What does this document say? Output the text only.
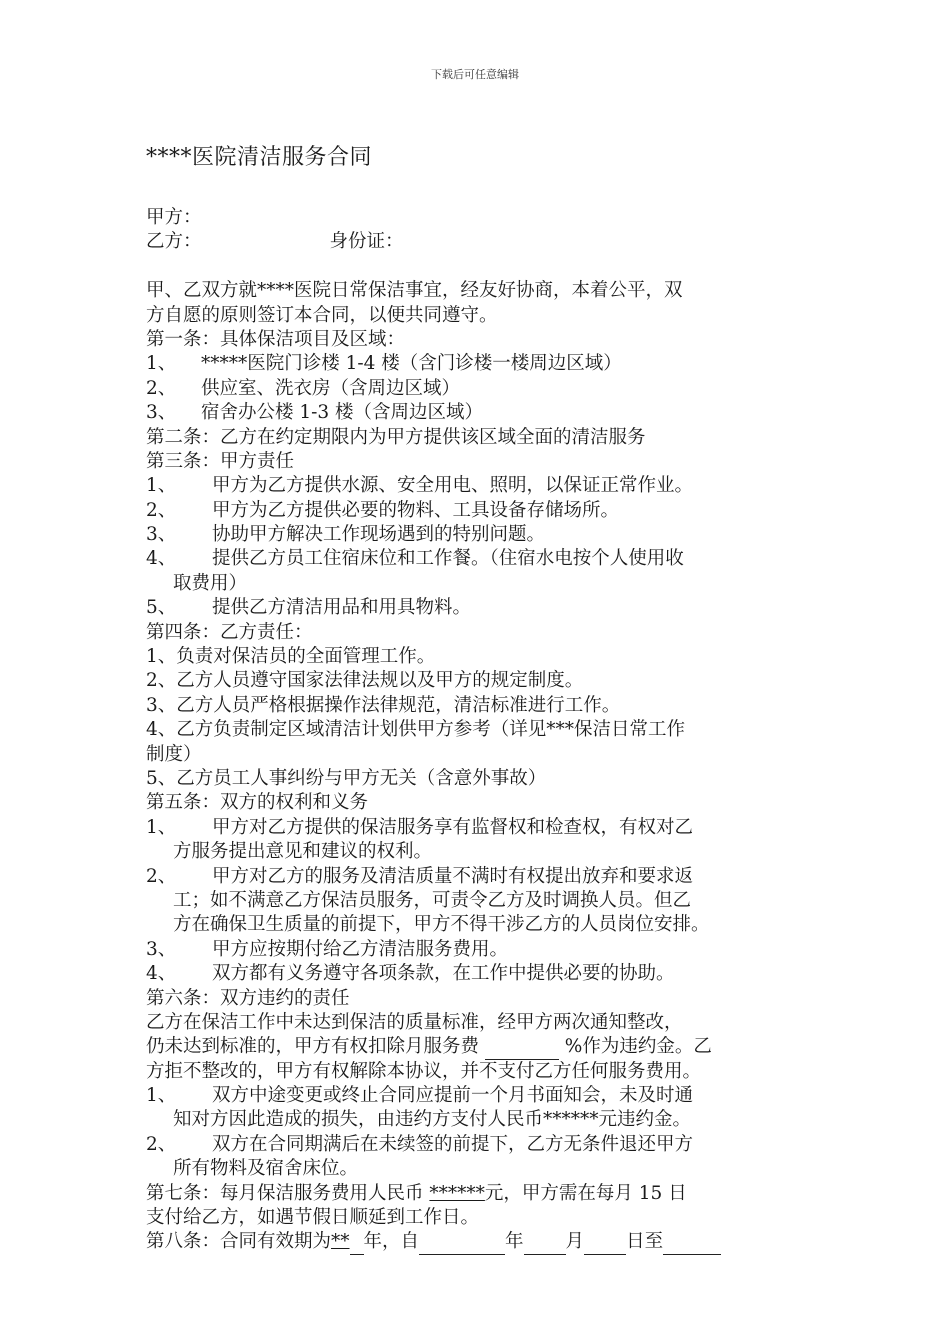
下载后可任意编辑
****医院清洁服务合同
甲方：
乙方：	身份证：
甲、乙双方就****医院日常保洁事宜，经友好协商，本着公平，双
方自愿的原则签订本合同，以便共同遵守。
第一条：具体保洁项目及区域：
1、 *****医院门诊楼 1-4 楼（含门诊楼一楼周边区域）
2、 供应室、洗衣房（含周边区域）
3、 宿舍办公楼 1-3 楼（含周边区域）
第二条：乙方在约定期限内为甲方提供该区域全面的清洁服务
第三条：甲方责任
1、 甲方为乙方提供水源、安全用电、照明，以保证正常作业。
2、 甲方为乙方提供必要的物料、工具设备存储场所。
3、 协助甲方解决工作现场遇到的特别问题。
4、 提供乙方员工住宿床位和工作餐。（住宿水电按个人使用收
取费用）
5、 提供乙方清洁用品和用具物料。
第四条：乙方责任：
1、负责对保洁员的全面管理工作。
2、乙方人员遵守国家法律法规以及甲方的规定制度。
3、乙方人员严格根据操作法律规范，清洁标准进行工作。
4、乙方负责制定区域清洁计划供甲方参考（详见***保洁日常工作
制度）
5、乙方员工人事纠纷与甲方无关（含意外事故）
第五条：双方的权利和义务
1、 甲方对乙方提供的保洁服务享有监督权和检查权，有权对乙
方服务提出意见和建议的权利。
2、 甲方对乙方的服务及清洁质量不满时有权提出放弃和要求返
工；如不满意乙方保洁员服务，可责令乙方及时调换人员。但乙
方在确保卫生质量的前提下，甲方不得干涉乙方的人员岗位安排。
3、 甲方应按期付给乙方清洁服务费用。
4、 双方都有义务遵守各项条款，在工作中提供必要的协助。
第六条：双方违约的责任
乙方在保洁工作中未达到保洁的质量标准，经甲方两次通知整改，
仍未达到标准的，甲方有权扣除月服务费	%作为违约金。乙
方拒不整改的，甲方有权解除本协议，并不支付乙方任何服务费用。
1、 双方中途变更或终止合同应提前一个月书面知会，未及时通
知对方因此造成的损失，由违约方支付人民币******元违约金。
2、 双方在合同期满后在未续签的前提下，乙方无条件退还甲方
所有物料及宿舍床位。
第七条：每月保洁服务费用人民币 ******元，甲方需在每月 15 日
支付给乙方，如遇节假日顺延到工作日。
第八条：合同有效期为** 年，自	年 月 日至
